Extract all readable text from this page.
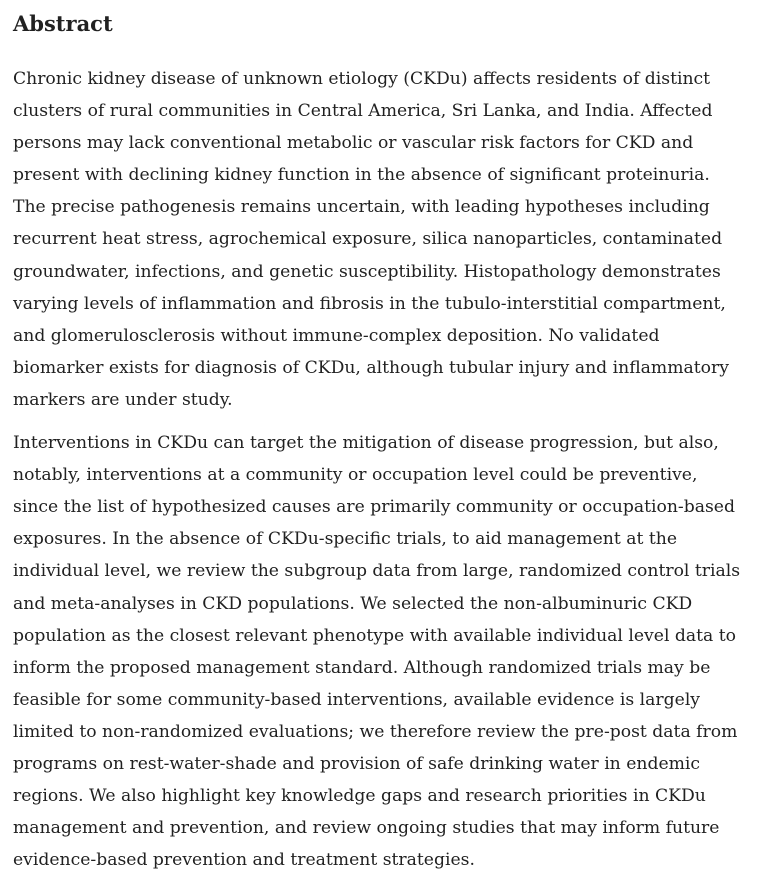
Abstract

Chronic kidney disease of unknown etiology (CKDu) affects residents of distinct clusters of rural communities in Central America, Sri Lanka, and India. Affected persons may lack conventional metabolic or vascular risk factors for CKD and present with declining kidney function in the absence of significant proteinuria. The precise pathogenesis remains uncertain, with leading hypotheses including recurrent heat stress, agrochemical exposure, silica nanoparticles, contaminated groundwater, infections, and genetic susceptibility. Histopathology demonstrates varying levels of inflammation and fibrosis in the tubulo-interstitial compartment, and glomerulosclerosis without immune-complex deposition. No validated biomarker exists for diagnosis of CKDu, although tubular injury and inflammatory markers are under study.

Interventions in CKDu can target the mitigation of disease progression, but also, notably, interventions at a community or occupation level could be preventive, since the list of hypothesized causes are primarily community or occupation-based exposures. In the absence of CKDu-specific trials, to aid management at the individual level, we review the subgroup data from large, randomized control trials and meta-analyses in CKD populations. We selected the non-albuminuric CKD population as the closest relevant phenotype with available individual level data to inform the proposed management standard. Although randomized trials may be feasible for some community-based interventions, available evidence is largely limited to non-randomized evaluations; we therefore review the pre-post data from programs on rest-water-shade and provision of safe drinking water in endemic regions. We also highlight key knowledge gaps and research priorities in CKDu management and prevention, and review ongoing studies that may inform future evidence-based prevention and treatment strategies.
